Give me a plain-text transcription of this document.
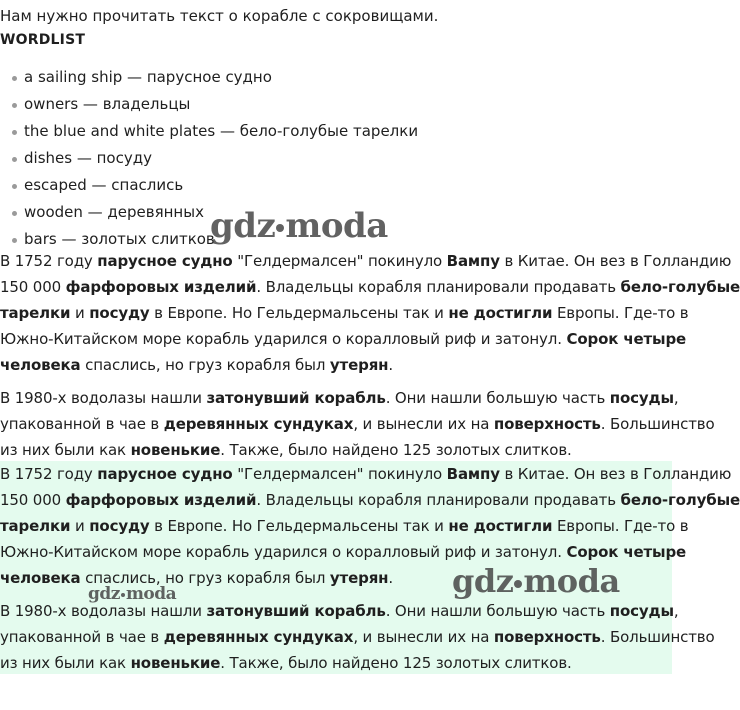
Нам нужно прочитать текст о корабле с сокровищами.
WORDLIST
a sailing ship — парусное судно
owners — владельцы
the blue and white plates — бело-голубые тарелки
dishes — посуду
escaped — спаслись
wooden — деревянных
bars — золотых слитков
В 1752 году парусное судно "Гелдермалсен" покинуло Вампу в Китае. Он вез в Голландию
150 000 фарфоровых изделий. Владельцы корабля планировали продавать бело-голубые
тарелки и посуду в Европе. Но Гельдермальсены так и не достигли Европы. Где-то в
Южно-Китайском море корабль ударился о коралловый риф и затонул. Сорок четыре
человека спаслись, но груз корабля был утерян.
В 1980-х водолазы нашли затонувший корабль. Они нашли большую часть посуды,
упакованной в чае в деревянных сундуках, и вынесли их на поверхность. Большинство
из них были как новенькие. Также, было найдено 125 золотых слитков.
В 1752 году парусное судно "Гелдермалсен" покинуло Вампу в Китае. Он вез в Голландию
150 000 фарфоровых изделий. Владельцы корабля планировали продавать бело-голубые
тарелки и посуду в Европе. Но Гельдермальсены так и не достигли Европы. Где-то в
Южно-Китайском море корабль ударился о коралловый риф и затонул. Сорок четыре
человека спаслись, но груз корабля был утерян.
В 1980-х водолазы нашли затонувший корабль. Они нашли большую часть посуды,
упакованной в чае в деревянных сундуках, и вынесли их на поверхность. Большинство
из них были как новенькие. Также, было найдено 125 золотых слитков.
gdz moda
gdz moda
gdz moda
